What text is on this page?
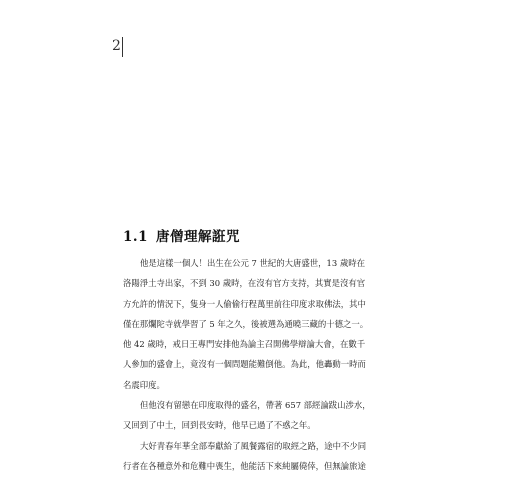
2
1.1 唐僧理解誑咒

他是這樣一個人！出生在公元 7 世紀的大唐盛世，13 歲時在
洛陽淨土寺出家，不到 30 歲時，在沒有官方支持，其實是沒有官
方允許的情況下，隻身一人偷偷行程萬里前往印度求取佛法，其中
僅在那爛陀寺就學習了 5 年之久，後被選為通曉三藏的十德之一。
他 42 歲時，戒日王專門安排他為論主召開佛學辯論大會，在數千
人參加的盛會上，竟沒有一個問題能難倒他。為此，他轟動一時而
名震印度。

但他沒有留戀在印度取得的盛名，帶著 657 部經論跋山涉水，
又回到了中土，回到長安時，他早已過了不惑之年。

大好青春年華全部奉獻給了風餐露宿的取經之路，途中不少同
行者在各種意外和危難中喪生，他能活下來純屬僥倖，但無論旅途
